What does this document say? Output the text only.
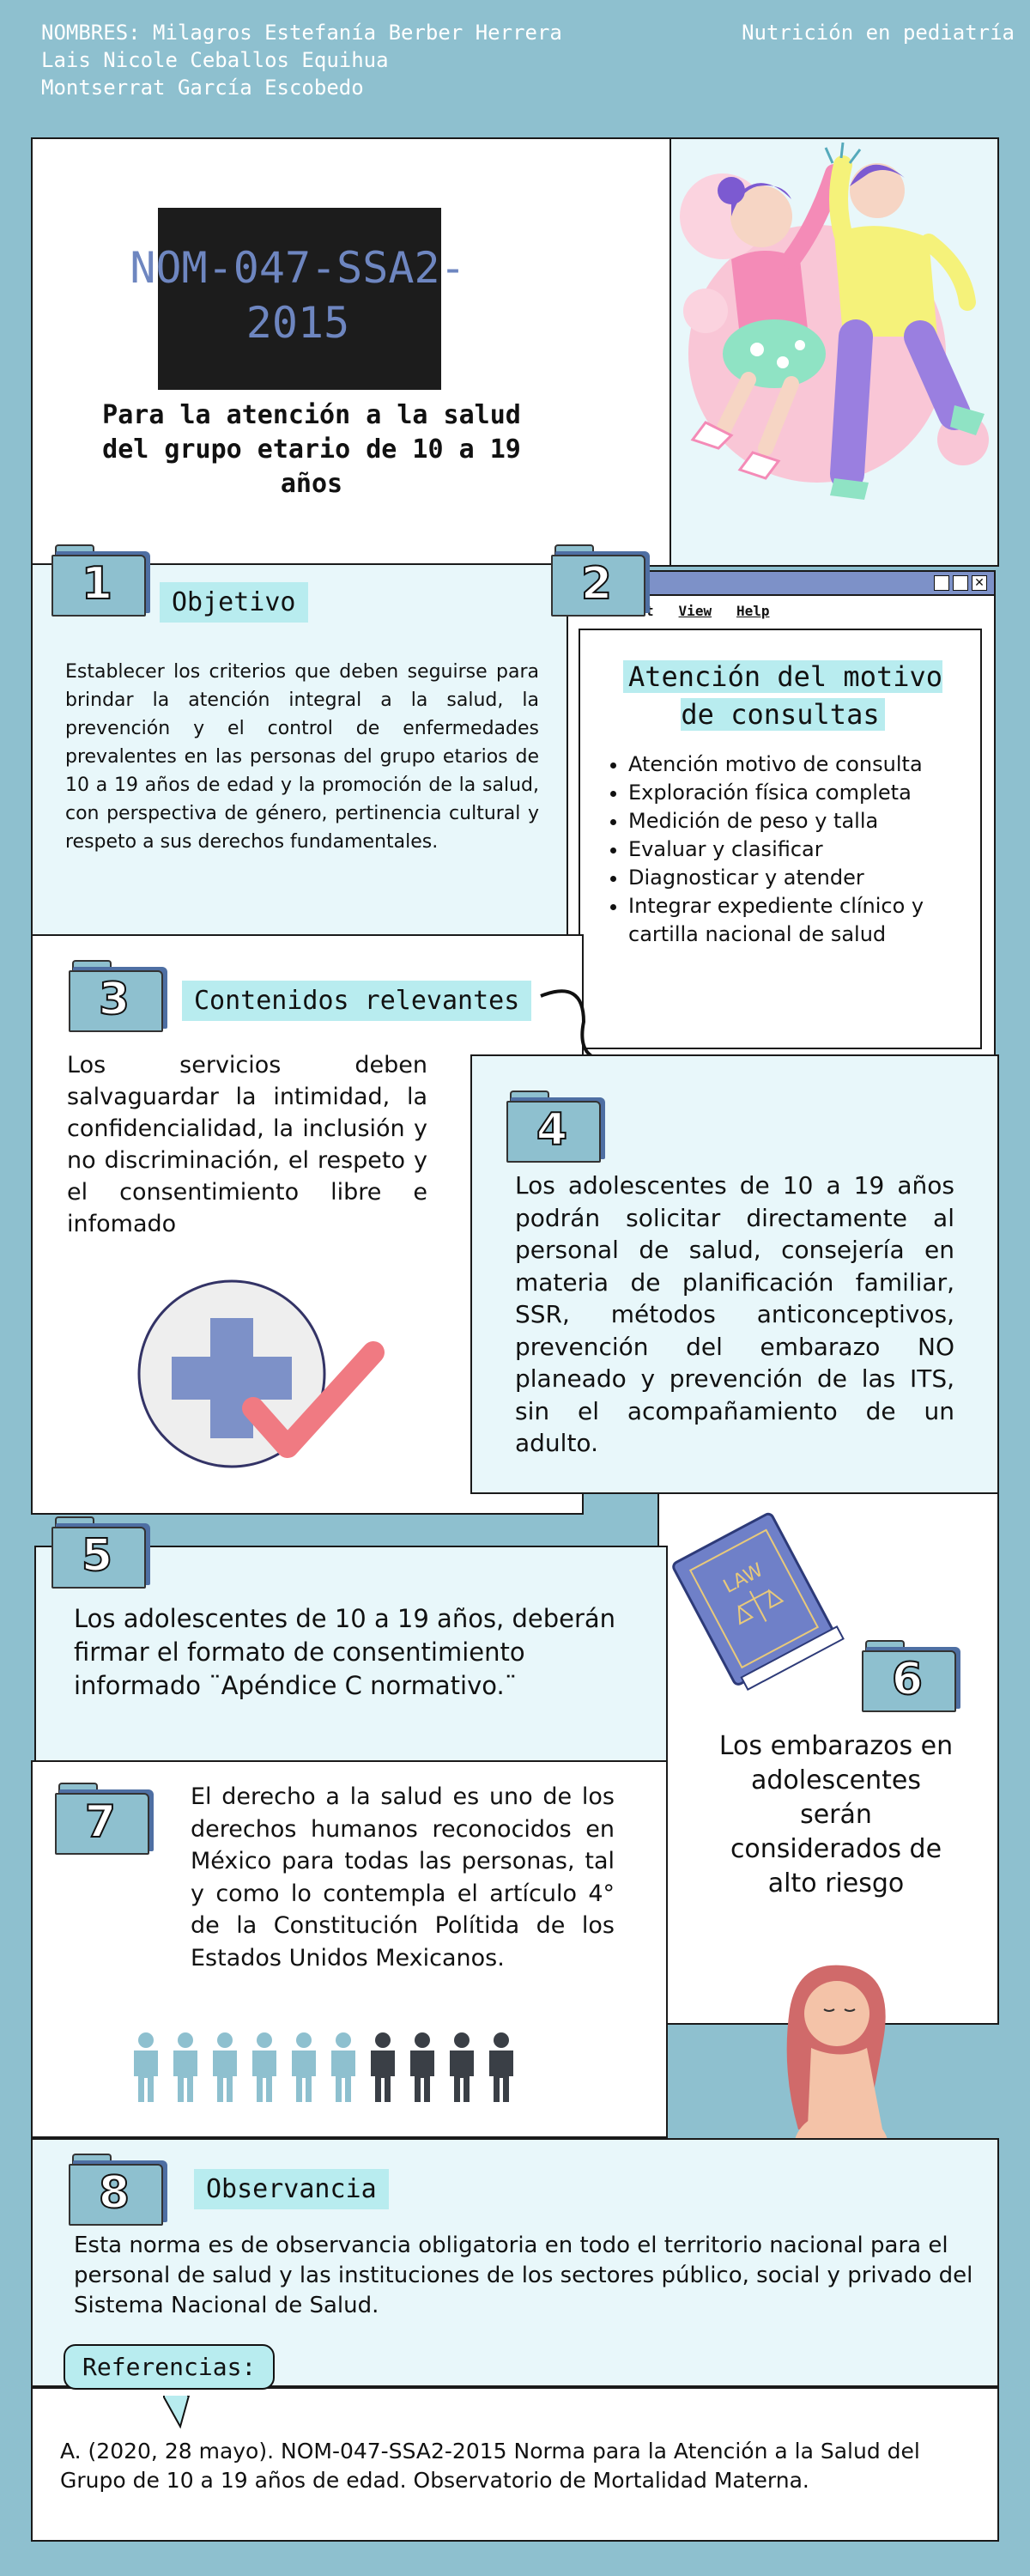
NOMBRES: Milagros Estefanía Berber Herrera
Lais Nicole Ceballos Equihua
Montserrat García Escobedo
Nutrición en pediatría
NOM-047-SSA2-
2015
Para la atención a la salud del grupo etario de 10 a 19 años
1	Objetivo
Establecer los criterios que deben seguirse para brindar la atención integral a la salud, la prevención y el control de enfermedades prevalentes en las personas del grupo etarios de 10 a 19 años de edad y la promoción de la salud, con perspectiva de género, pertinencia cultural y respeto a sus derechos fundamentales.
✕
t View Help
Atención del motivo de consultas
• Atención motivo de consulta
• Exploración física completa
• Medición de peso y talla
• Evaluar y clasificar
• Diagnosticar y atender
• Integrar expediente clínico y cartilla nacional de salud
2
3	Contenidos relevantes
Los servicios deben salvaguardar la intimidad, la confidencialidad, la inclusión y no discriminación, el respeto y el consentimiento libre e infomado
4
Los adolescentes de 10 a 19 años podrán solicitar directamente al personal de salud, consejería en materia de planificación familiar, SSR, métodos anticonceptivos, prevención del embarazo NO planeado y prevención de las ITS, sin el acompañamiento de un adulto.
LAW
6
Los embarazos en adolescentes serán considerados de alto riesgo
5
Los adolescentes de 10 a 19 años, deberán firmar el formato de consentimiento informado ¨Apéndice C normativo.¨
7	El derecho a la salud es uno de los derechos humanos reconocidos en México para todas las personas, tal y como lo contempla el artículo 4° de la Constitución Polítida de los Estados Unidos Mexicanos.
8	Observancia
Esta norma es de observancia obligatoria en todo el territorio nacional para el personal de salud y las instituciones de los sectores público, social y privado del Sistema Nacional de Salud.
Referencias:
A. (2020, 28 mayo). NOM-047-SSA2-2015 Norma para la Atención a la Salud del Grupo de 10 a 19 años de edad. Observatorio de Mortalidad Materna.
